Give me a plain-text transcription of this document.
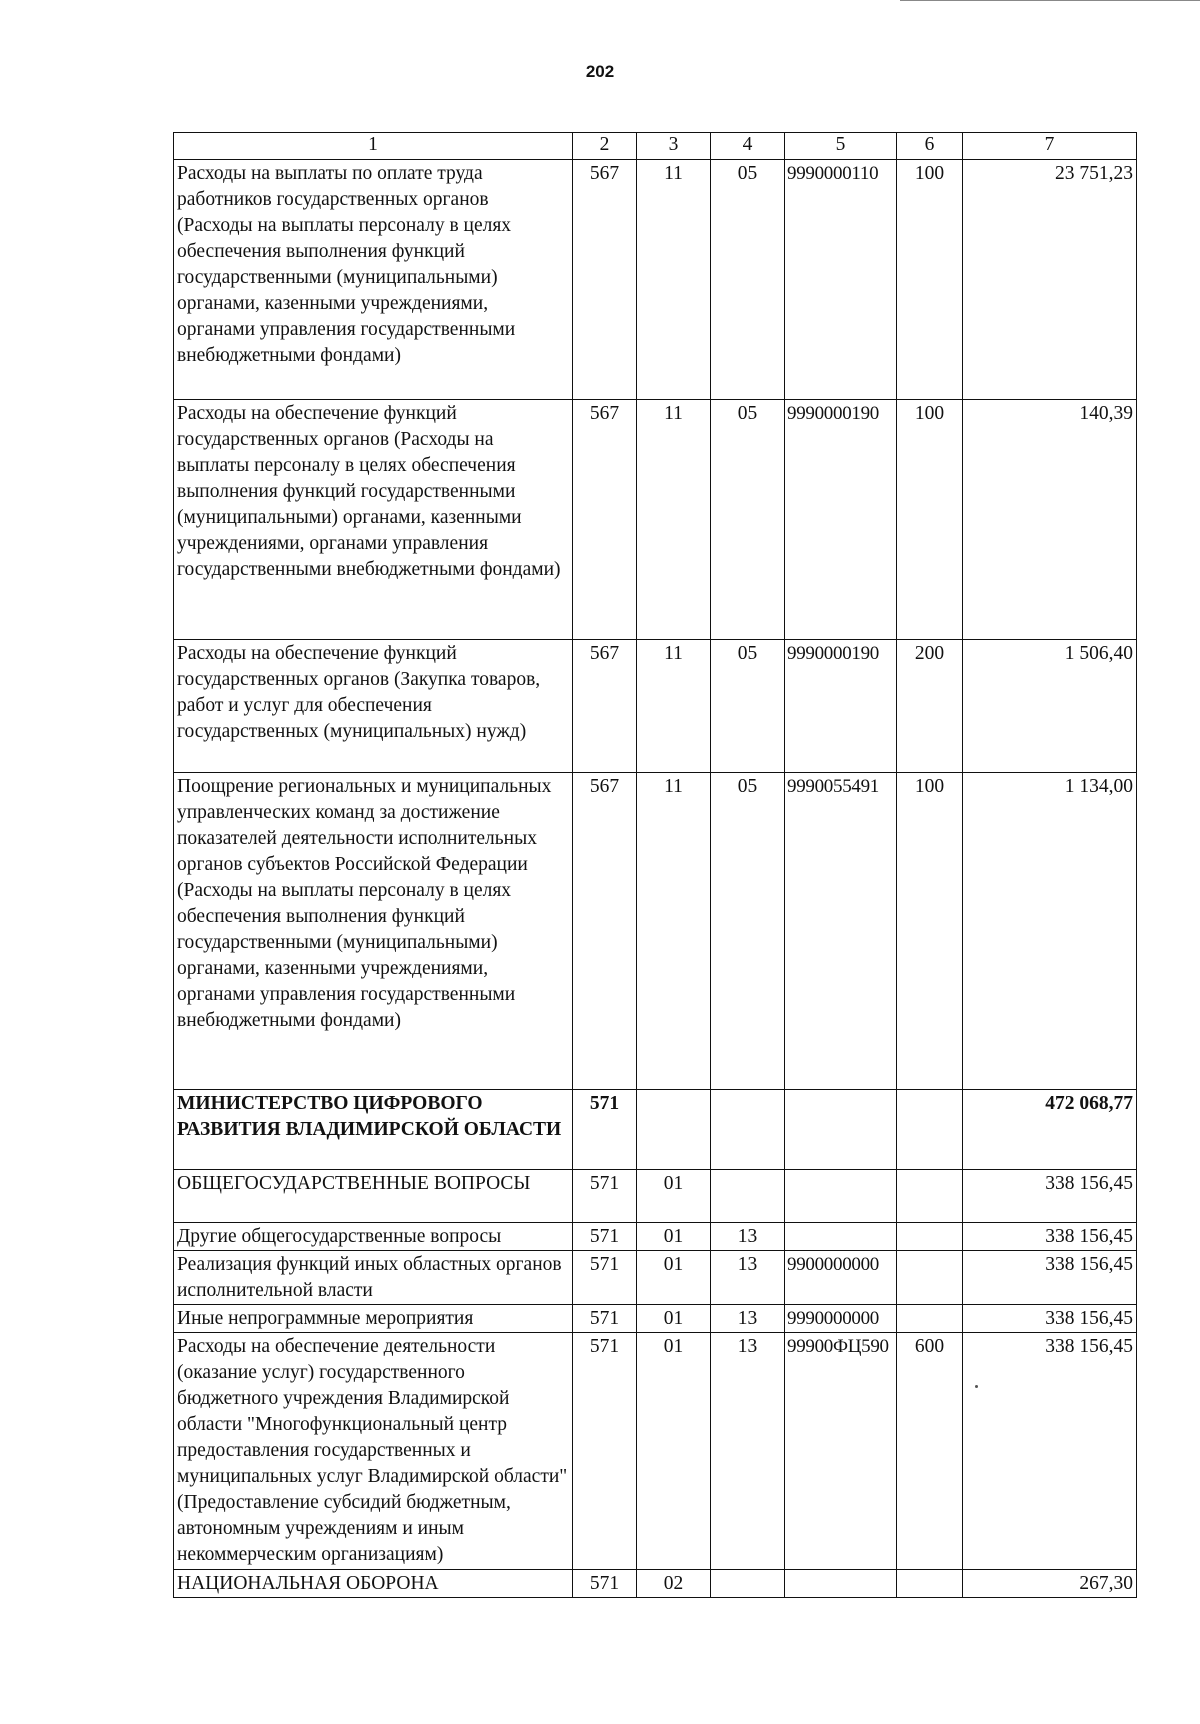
202
1	2	3	4	5	6	7
Расходы на выплаты по оплате труда работников государственных органов (Расходы на выплаты персоналу в целях обеспечения выполнения функций государственными (муниципальными) органами, казенными учреждениями, органами управления государственными внебюджетными фондами)	567	11	05	9990000110	100	23 751,23
Расходы на обеспечение функций государственных органов (Расходы на выплаты персоналу в целях обеспечения выполнения функций государственными (муниципальными) органами, казенными учреждениями, органами управления государственными внебюджетными фондами)	567	11	05	9990000190	100	140,39
Расходы на обеспечение функций государственных органов (Закупка товаров, работ и услуг для обеспечения государственных (муниципальных) нужд)	567	11	05	9990000190	200	1 506,40
Поощрение региональных и муниципальных управленческих команд за достижение показателей деятельности исполнительных органов субъектов Российской Федерации (Расходы на выплаты персоналу в целях обеспечения выполнения функций государственными (муниципальными) органами, казенными учреждениями, органами управления государственными внебюджетными фондами)	567	11	05	9990055491	100	1 134,00
МИНИСТЕРСТВО ЦИФРОВОГО РАЗВИТИЯ ВЛАДИМИРСКОЙ ОБЛАСТИ	571					472 068,77
ОБЩЕГОСУДАРСТВЕННЫЕ ВОПРОСЫ	571	01				338 156,45
Другие общегосударственные вопросы	571	01	13			338 156,45
Реализация функций иных областных органов исполнительной власти	571	01	13	9900000000		338 156,45
Иные непрограммные мероприятия	571	01	13	9990000000		338 156,45
Расходы на обеспечение деятельности (оказание услуг) государственного бюджетного учреждения Владимирской области "Многофункциональный центр предоставления государственных и муниципальных услуг Владимирской области" (Предоставление субсидий бюджетным, автономным учреждениям и иным некоммерческим организациям)	571	01	13	99900ФЦ590	600	338 156,45
НАЦИОНАЛЬНАЯ ОБОРОНА	571	02				267,30
